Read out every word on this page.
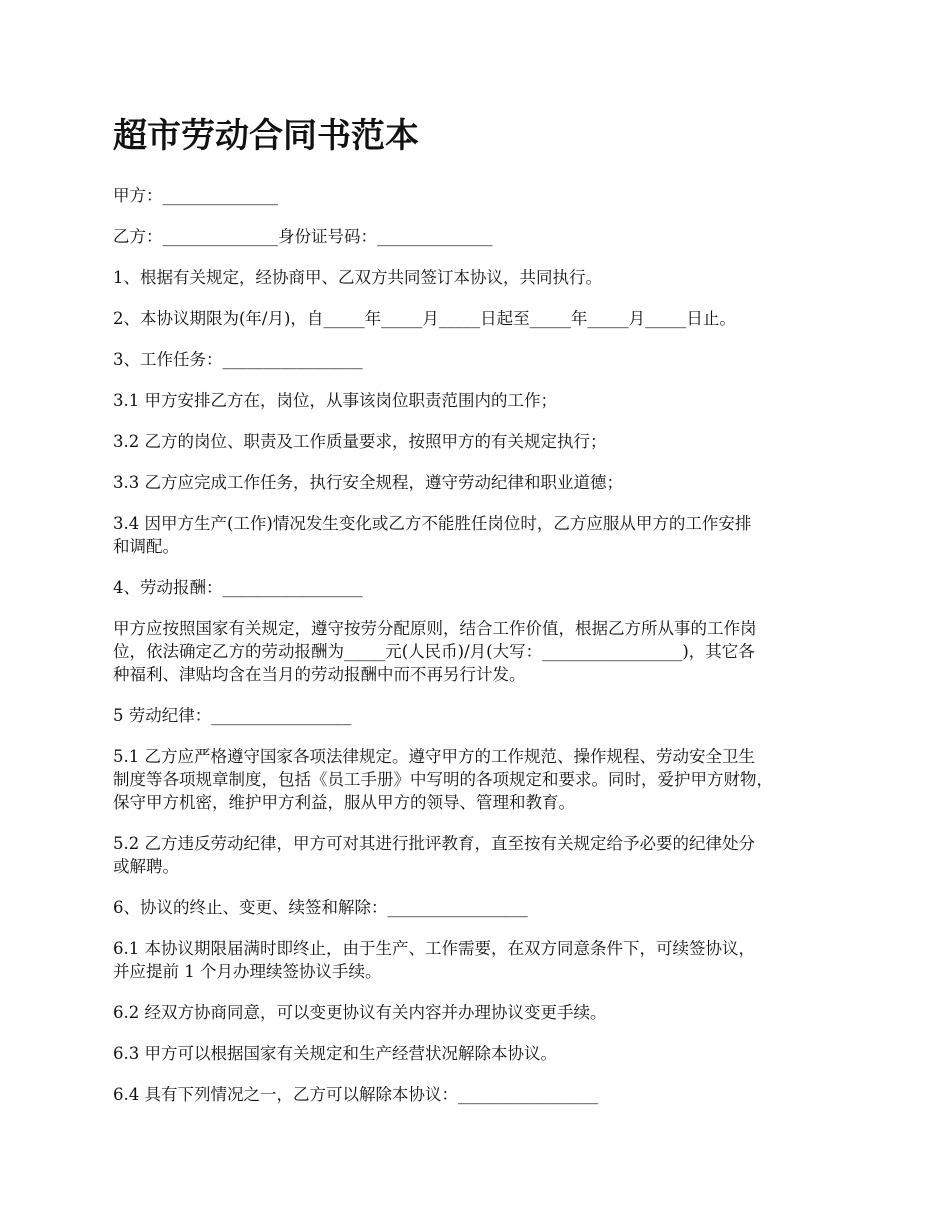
超市劳动合同书范本
甲方：______________
乙方：______________身份证号码：______________
1、根据有关规定，经协商甲、乙双方共同签订本协议，共同执行。
2、本协议期限为(年/月)，自_____年_____月_____日起至_____年_____月_____日止。
3、工作任务：_________________
3.1 甲方安排乙方在，岗位，从事该岗位职责范围内的工作；
3.2 乙方的岗位、职责及工作质量要求，按照甲方的有关规定执行；
3.3 乙方应完成工作任务，执行安全规程，遵守劳动纪律和职业道德；
3.4 因甲方生产(工作)情况发生变化或乙方不能胜任岗位时，乙方应服从甲方的工作安排
和调配。
4、劳动报酬：_________________
甲方应按照国家有关规定，遵守按劳分配原则，结合工作价值，根据乙方所从事的工作岗
位，依法确定乙方的劳动报酬为_____元(人民币)/月(大写：_________________)，其它各
种福利、津贴均含在当月的劳动报酬中而不再另行计发。
5 劳动纪律：_________________
5.1 乙方应严格遵守国家各项法律规定。遵守甲方的工作规范、操作规程、劳动安全卫生
制度等各项规章制度，包括《员工手册》中写明的各项规定和要求。同时，爱护甲方财物，
保守甲方机密，维护甲方利益，服从甲方的领导、管理和教育。
5.2 乙方违反劳动纪律，甲方可对其进行批评教育，直至按有关规定给予必要的纪律处分
或解聘。
6、协议的终止、变更、续签和解除：_________________
6.1 本协议期限届满时即终止，由于生产、工作需要，在双方同意条件下，可续签协议，
并应提前 1 个月办理续签协议手续。
6.2 经双方协商同意，可以变更协议有关内容并办理协议变更手续。
6.3 甲方可以根据国家有关规定和生产经营状况解除本协议。
6.4 具有下列情况之一，乙方可以解除本协议：_________________
